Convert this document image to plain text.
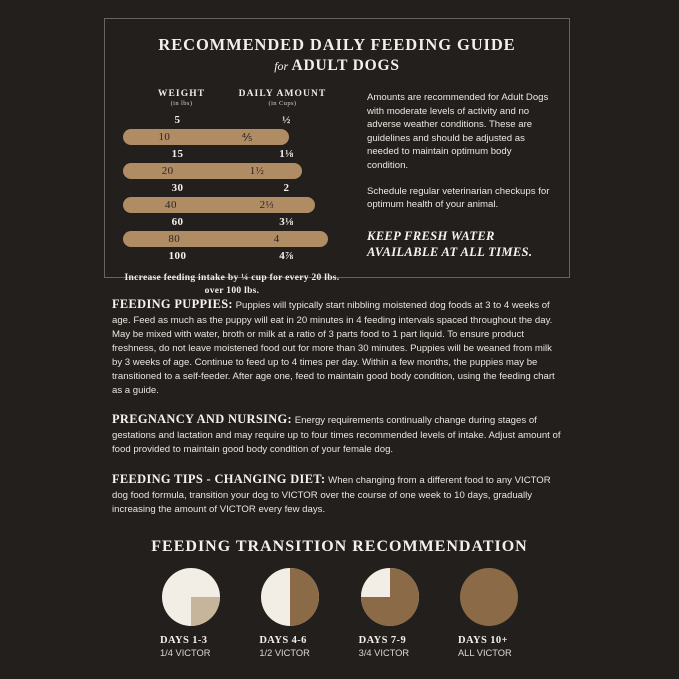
RECOMMENDED DAILY FEEDING GUIDE
for ADULT DOGS
WEIGHT
(in lbs)
DAILY AMOUNT
(in Cups)
5	½
10	⅘
15	1⅛
20	1½
30	2
40	2⅓
60	3⅛
80	4
100	4⅞
Increase feeding intake by ¼ cup for every 20 lbs. over 100 lbs.

Amounts are recommended for Adult Dogs with moderate levels of activity and no adverse weather conditions. These are guidelines and should be adjusted as needed to maintain optimum body condition.

Schedule regular veterinarian checkups for optimum health of your animal.

KEEP FRESH WATER AVAILABLE AT ALL TIMES.

FEEDING PUPPIES: Puppies will typically start nibbling moistened dog foods at 3 to 4 weeks of age. Feed as much as the puppy will eat in 20 minutes in 4 feeding intervals spaced throughout the day. May be mixed with water, broth or milk at a ratio of 3 parts food to 1 part liquid. To ensure product freshness, do not leave moistened food out for more than 30 minutes. Puppies will be weaned from milk by 3 weeks of age. Continue to feed up to 4 times per day. Within a few months, the puppies may be transitioned to a self-feeder. After age one, feed to maintain good body condition, using the feeding chart as a guide.

PREGNANCY AND NURSING: Energy requirements continually change during stages of gestations and lactation and may require up to four times recommended levels of intake. Adjust amount of food provided to maintain good body condition of your female dog.

FEEDING TIPS - CHANGING DIET: When changing from a different food to any VICTOR dog food formula, transition your dog to VICTOR over the course of one week to 10 days, gradually increasing the amount of VICTOR every few days.

FEEDING TRANSITION RECOMMENDATION
DAYS 1-3
1/4 VICTOR
DAYS 4-6
1/2 VICTOR
DAYS 7-9
3/4 VICTOR
DAYS 10+
ALL VICTOR
